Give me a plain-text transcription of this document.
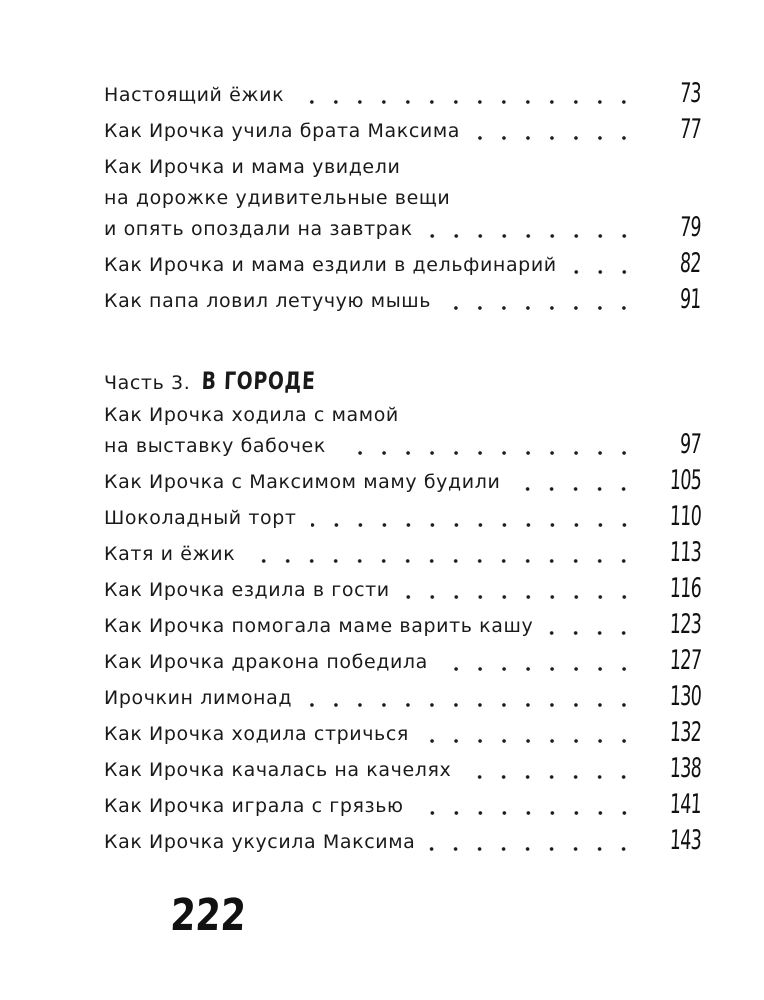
Настоящий ёжик	73
Как Ирочка учила брата Максима	77
Как Ирочка и мама увидели
на дорожке удивительные вещи
и опять опоздали на завтрак	79
Как Ирочка и мама ездили в дельфинарий	82
Как папа ловил летучую мышь	91
Часть 3. В ГОРОДЕ
Как Ирочка ходила с мамой
на выставку бабочек	97
Как Ирочка с Максимом маму будили	105
Шоколадный торт	110
Катя и ёжик	113
Как Ирочка ездила в гости	116
Как Ирочка помогала маме варить кашу	123
Как Ирочка дракона победила	127
Ирочкин лимонад	130
Как Ирочка ходила стричься	132
Как Ирочка качалась на качелях	138
Как Ирочка играла с грязью	141
Как Ирочка укусила Максима	143
222
